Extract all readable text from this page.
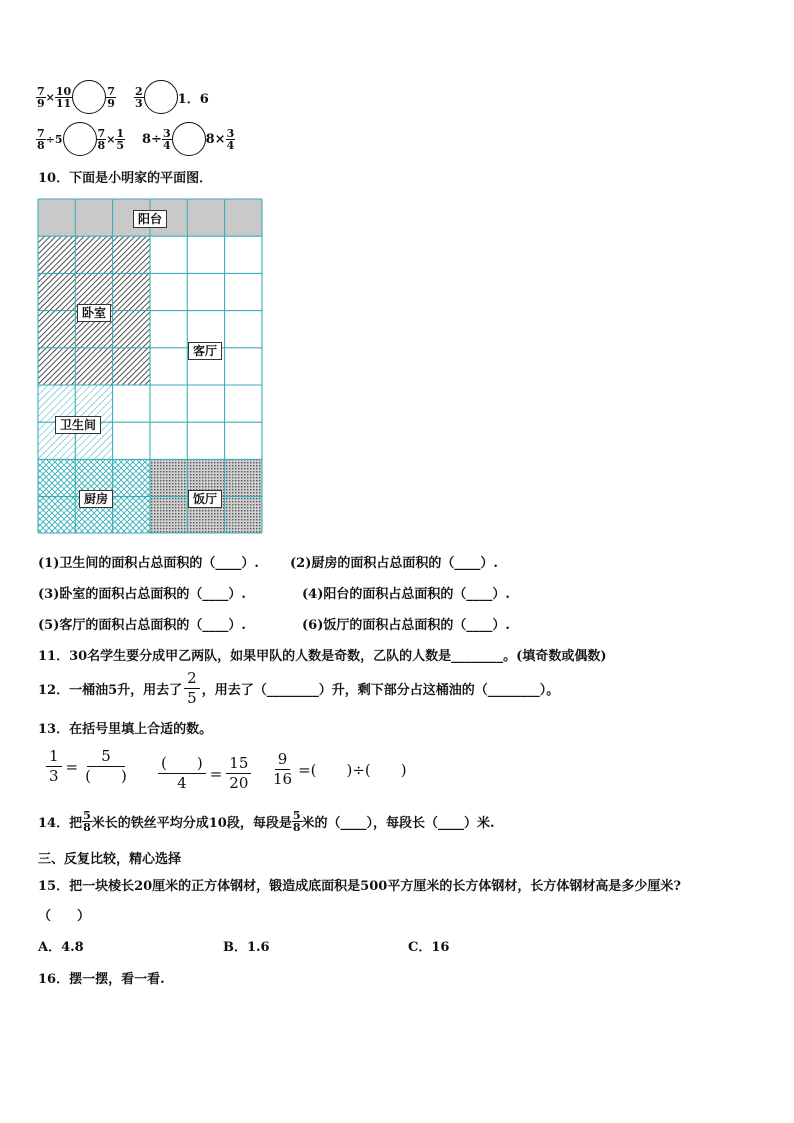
$\frac{7}{9} \times \frac{10}{11}$	$\frac{7}{9} \frac{2}{3}$	1．6
$\frac{7}{8} \div 5$	$\frac{7}{8} \times \frac{1}{5} 8\div \frac{3}{4}$	$8\times \frac{3}{4}$
10．下面是小明家的平面图．
阳台
卧室
客厅
卫生间
厨房	饭厅
(1)卫生间的面积占总面积的（____）. (2)厨房的面积占总面积的（____）.
(3)卧室的面积占总面积的（____）.	(4)阳台的面积占总面积的（____）.
(5)客厅的面积占总面积的（____）.	(6)饭厅的面积占总面积的（____）.
11．30名学生要分成甲乙两队，如果甲队的人数是奇数，乙队的人数是________。(填奇数或偶数)
12．一桶油5升，用去了 $\frac{2}{5}$ ，用去了（________）升，剩下部分占这桶油的（________）。
13．在括号里填上合适的数。
$\frac{1}{3} = \frac{5}{( )} \frac{( )}{4} = \frac{15}{20} \frac{9}{16}$ =(　　)÷(　　)
14．把 $\frac{5}{8}$ 米长的铁丝平均分成10段，每段是 $\frac{5}{8}$ 米的（____），每段长（____）米.
三、反复比较，精心选择
15．把一块棱长20厘米的正方体钢材，锻造成底面积是500平方厘米的长方体钢材，长方体钢材高是多少厘米?
（　　）
A．4.8	B．1.6	C．16
16．摆一摆，看一看.
